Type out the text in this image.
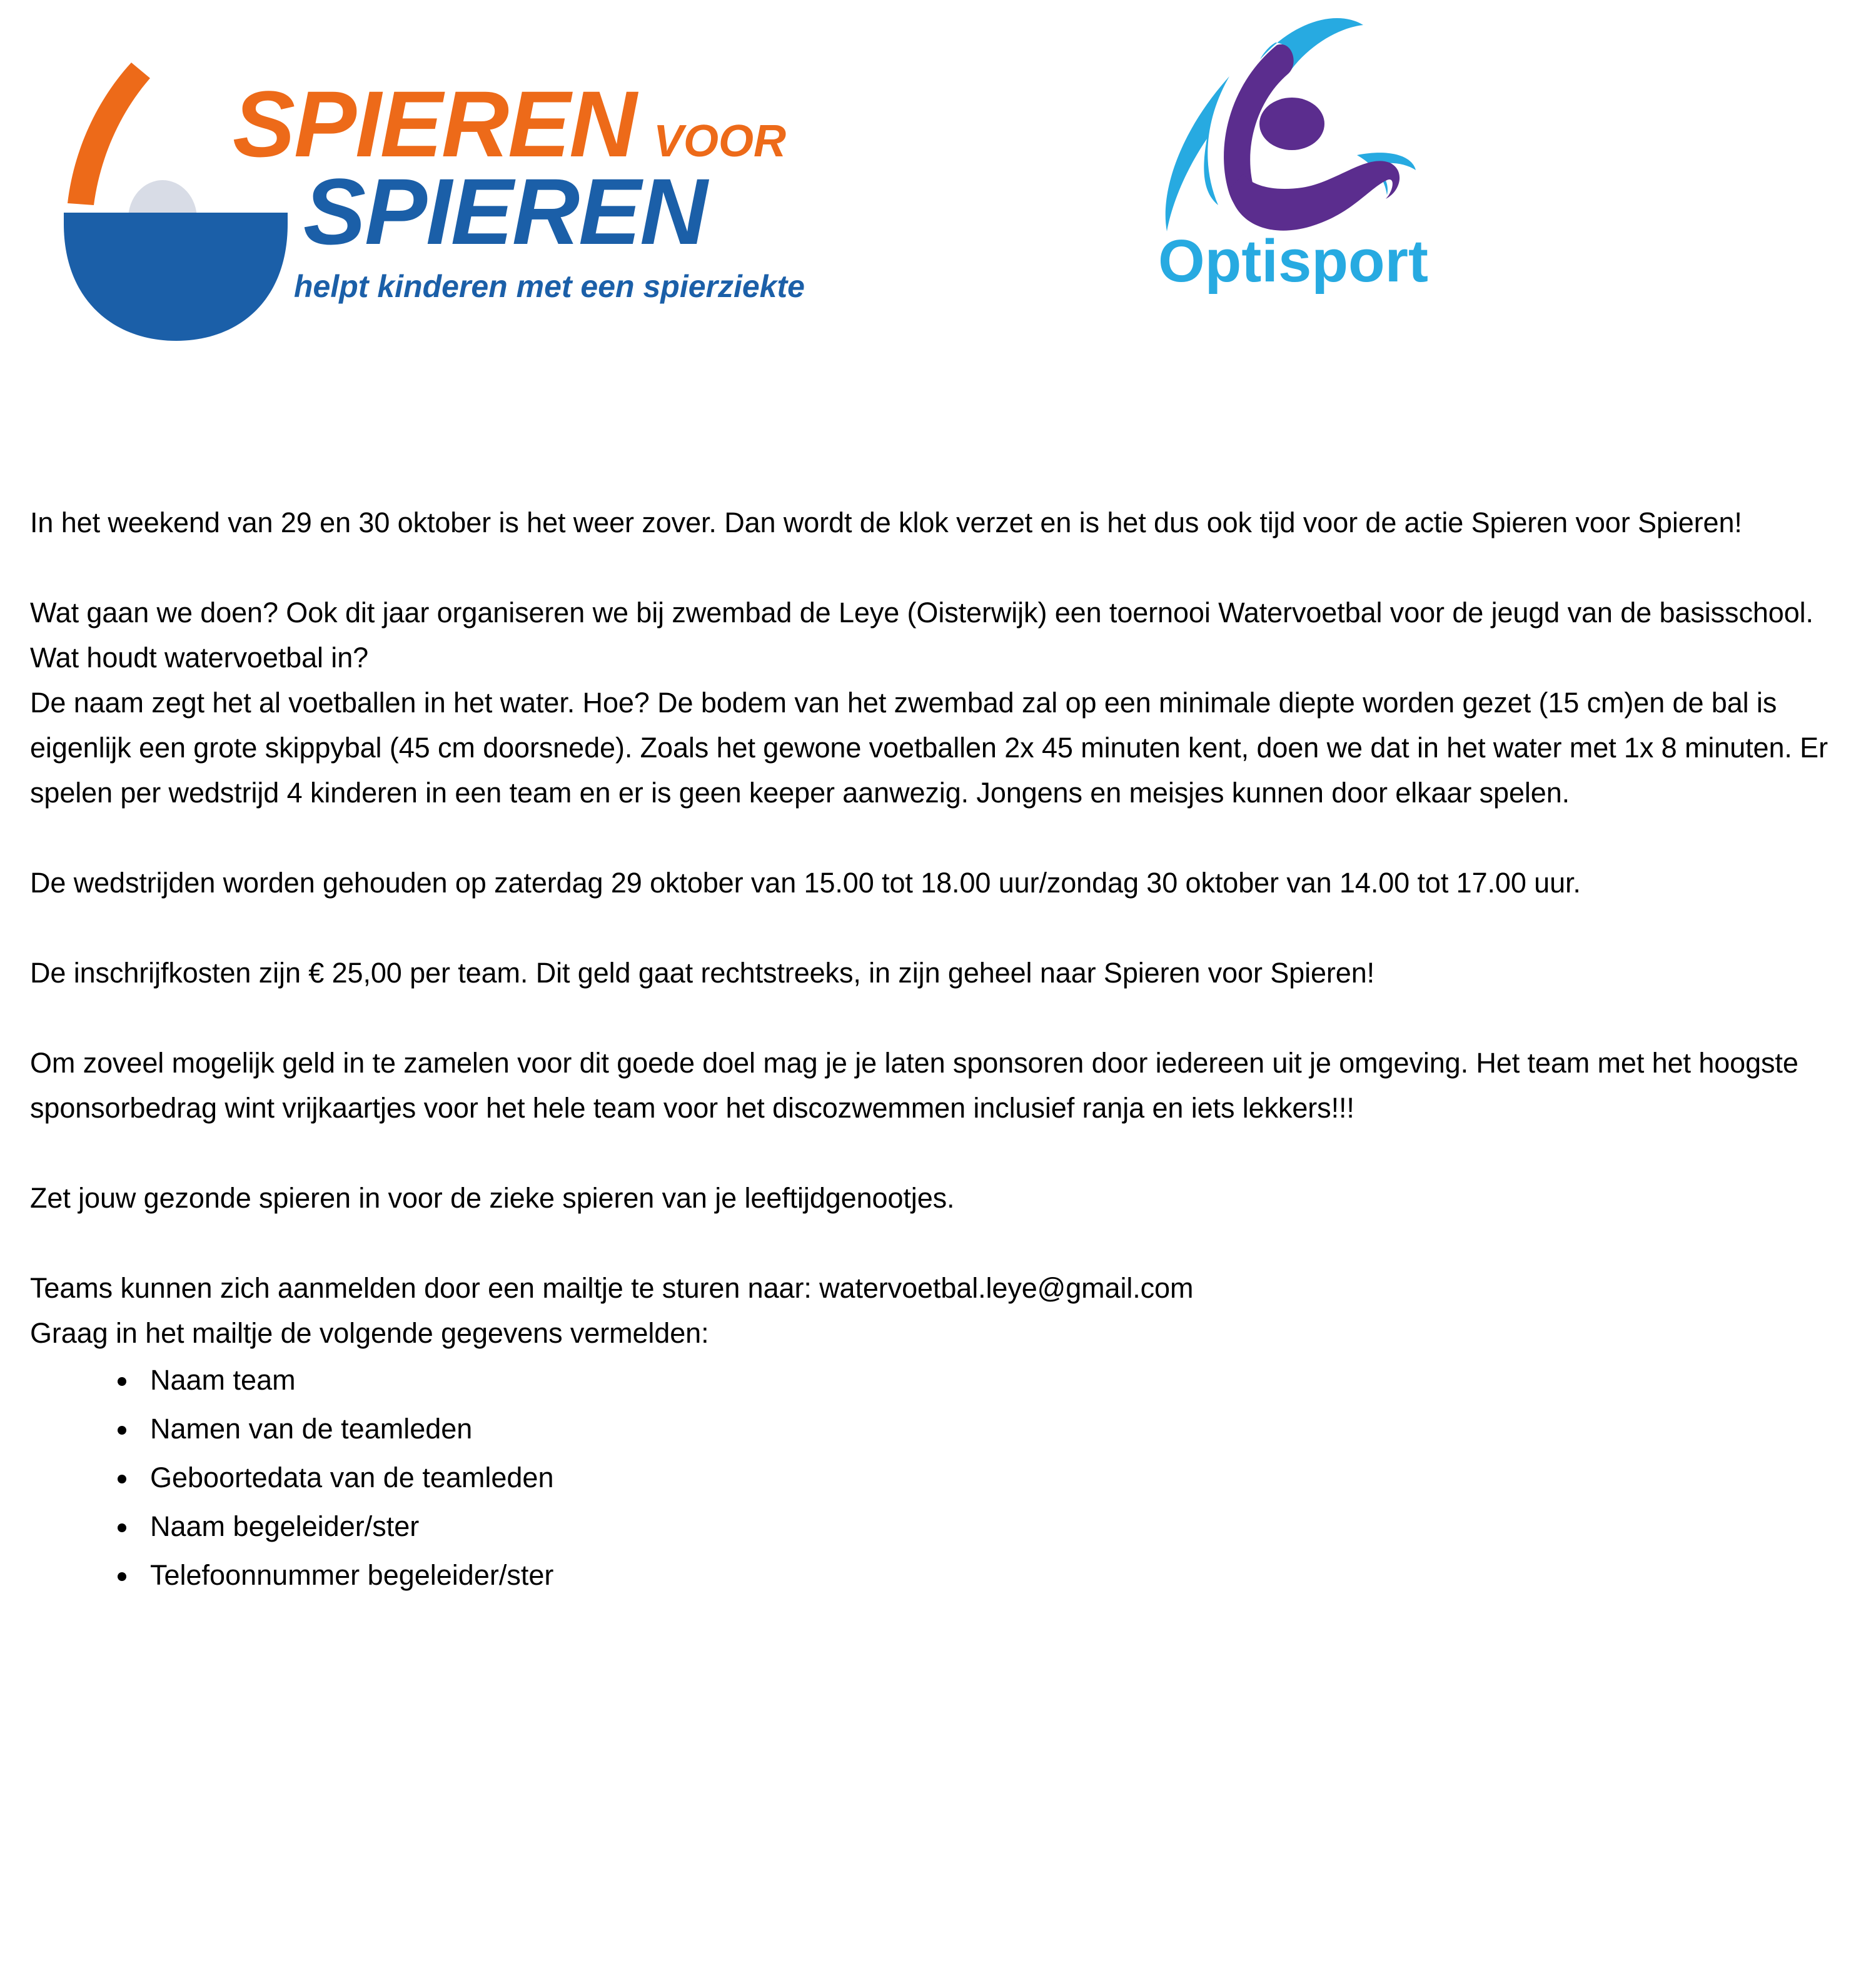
SPIEREN VOOR
SPIEREN
helpt kinderen met een spierziekte	Optisport

In het weekend van 29 en 30 oktober is het weer zover. Dan wordt de klok verzet en is het dus ook tijd voor de actie Spieren voor Spieren!

Wat gaan we doen? Ook dit jaar organiseren we bij zwembad de Leye (Oisterwijk) een toernooi Watervoetbal voor de jeugd van de basisschool. Wat houdt watervoetbal in?

De naam zegt het al voetballen in het water. Hoe? De bodem van het zwembad zal op een minimale diepte worden gezet (15 cm)en de bal is eigenlijk een grote skippybal (45 cm doorsnede). Zoals het gewone voetballen 2x 45 minuten kent, doen we dat in het water met 1x 8 minuten. Er spelen per wedstrijd 4 kinderen in een team en er is geen keeper aanwezig. Jongens en meisjes kunnen door elkaar spelen.

De wedstrijden worden gehouden op zaterdag 29 oktober van 15.00 tot 18.00 uur/zondag 30 oktober van 14.00 tot 17.00 uur.

De inschrijfkosten zijn € 25,00 per team. Dit geld gaat rechtstreeks, in zijn geheel naar Spieren voor Spieren!

Om zoveel mogelijk geld in te zamelen voor dit goede doel mag je je laten sponsoren door iedereen uit je omgeving. Het team met het hoogste sponsorbedrag wint vrijkaartjes voor het hele team voor het discozwemmen inclusief ranja en iets lekkers!!!

Zet jouw gezonde spieren in voor de zieke spieren van je leeftijdgenootjes.

Teams kunnen zich aanmelden door een mailtje te sturen naar: watervoetbal.leye@gmail.com

Graag in het mailtje de volgende gegevens vermelden:

Naam team
Namen van de teamleden
Geboortedata van de teamleden
Naam begeleider/ster
Telefoonnummer begeleider/ster
